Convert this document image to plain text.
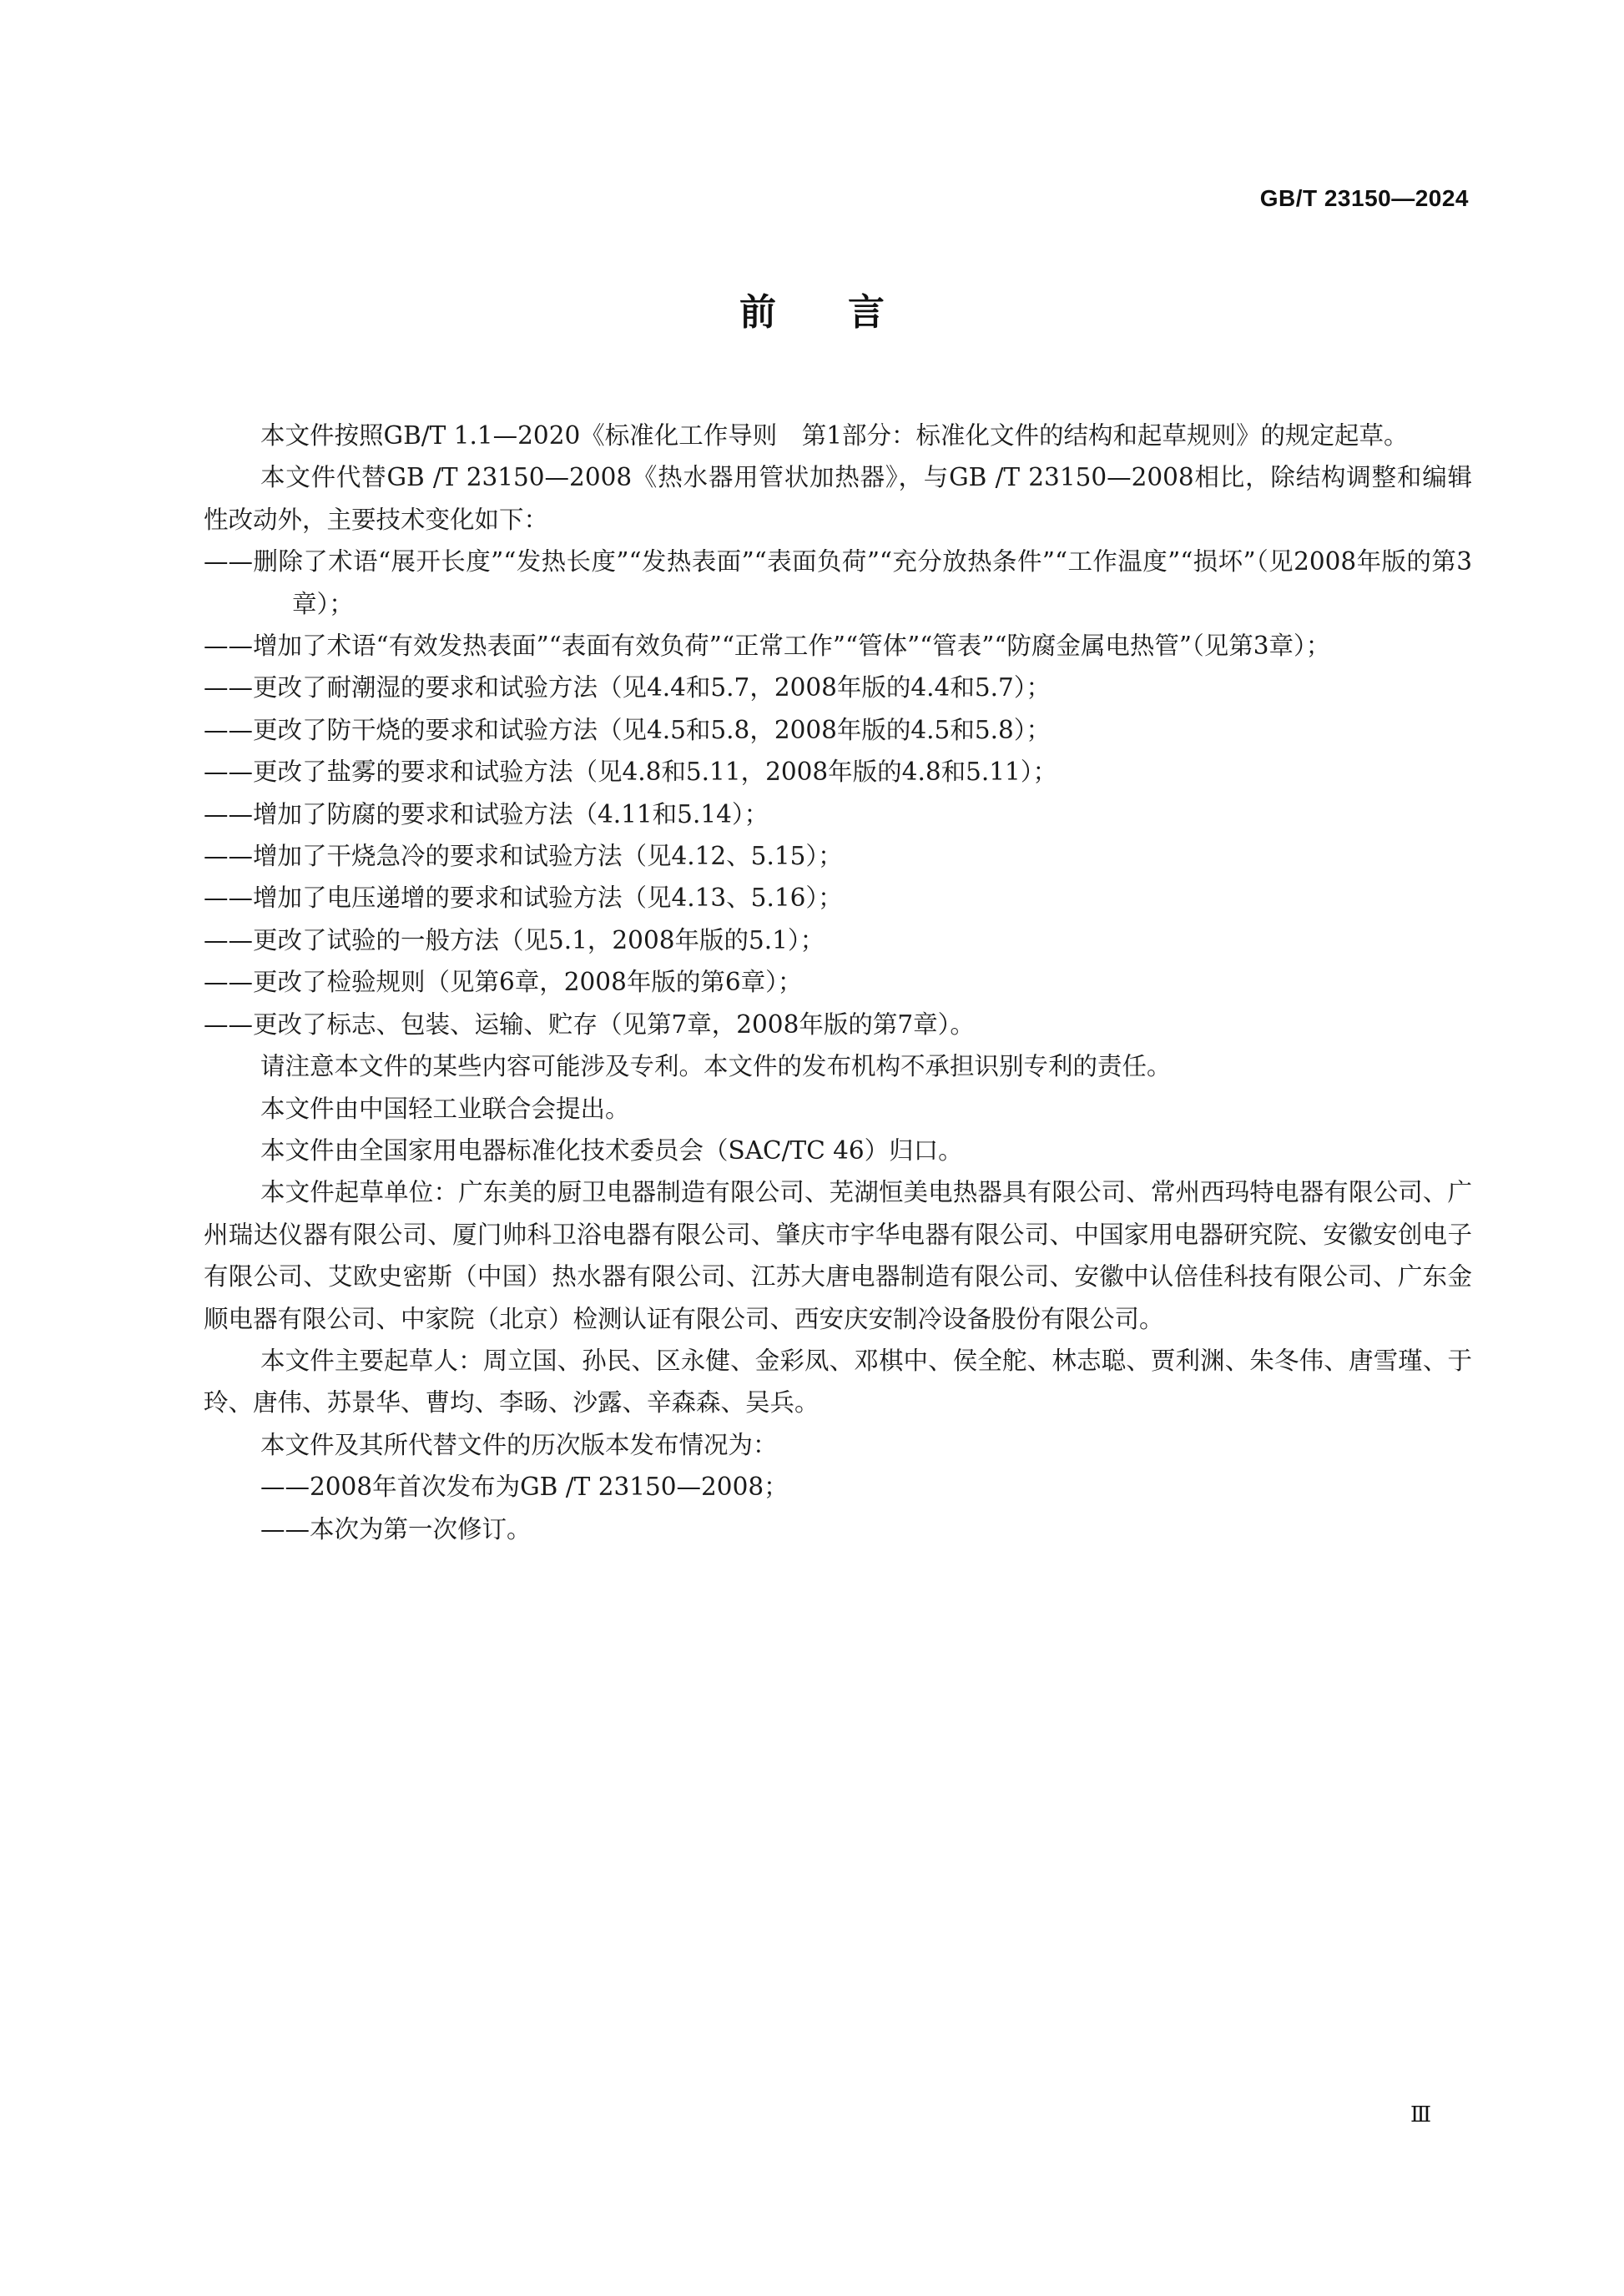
GB/T 23150—2024
前言

本文件按照GB/T 1.1—2020《标准化工作导则　第1部分：标准化文件的结构和起草规则》的规定起草。

本文件代替GB /T 23150—2008《热水器用管状加热器》，与GB /T 23150—2008相比，除结构调整和编辑性改动外，主要技术变化如下：

——删除了术语“展开长度”“发热长度”“发热表面”“表面负荷”“充分放热条件”“工作温度”“损坏”（见2008年版的第3章）；

——增加了术语“有效发热表面”“表面有效负荷”“正常工作”“管体”“管表”“防腐金属电热管”（见第3章）；

——更改了耐潮湿的要求和试验方法（见4.4和5.7，2008年版的4.4和5.7）；

——更改了防干烧的要求和试验方法（见4.5和5.8，2008年版的4.5和5.8）；

——更改了盐雾的要求和试验方法（见4.8和5.11，2008年版的4.8和5.11）；

——增加了防腐的要求和试验方法（4.11和5.14）；

——增加了干烧急冷的要求和试验方法（见4.12、5.15）；

——增加了电压递增的要求和试验方法（见4.13、5.16）；

——更改了试验的一般方法（见5.1，2008年版的5.1）；

——更改了检验规则（见第6章，2008年版的第6章）；

——更改了标志、包装、运输、贮存（见第7章，2008年版的第7章）。

请注意本文件的某些内容可能涉及专利。本文件的发布机构不承担识别专利的责任。

本文件由中国轻工业联合会提出。

本文件由全国家用电器标准化技术委员会（SAC/TC 46）归口。

本文件起草单位：广东美的厨卫电器制造有限公司、芜湖恒美电热器具有限公司、常州西玛特电器有限公司、广州瑞达仪器有限公司、厦门帅科卫浴电器有限公司、肇庆市宇华电器有限公司、中国家用电器研究院、安徽安创电子有限公司、艾欧史密斯（中国）热水器有限公司、江苏大唐电器制造有限公司、安徽中认倍佳科技有限公司、广东金顺电器有限公司、中家院（北京）检测认证有限公司、西安庆安制冷设备股份有限公司。

本文件主要起草人：周立国、孙民、区永健、金彩凤、邓棋中、侯全舵、林志聪、贾利渊、朱冬伟、唐雪瑾、于玲、唐伟、苏景华、曹均、李旸、沙露、辛森森、吴兵。

本文件及其所代替文件的历次版本发布情况为：

——2008年首次发布为GB /T 23150—2008；

——本次为第一次修订。

Ⅲ
